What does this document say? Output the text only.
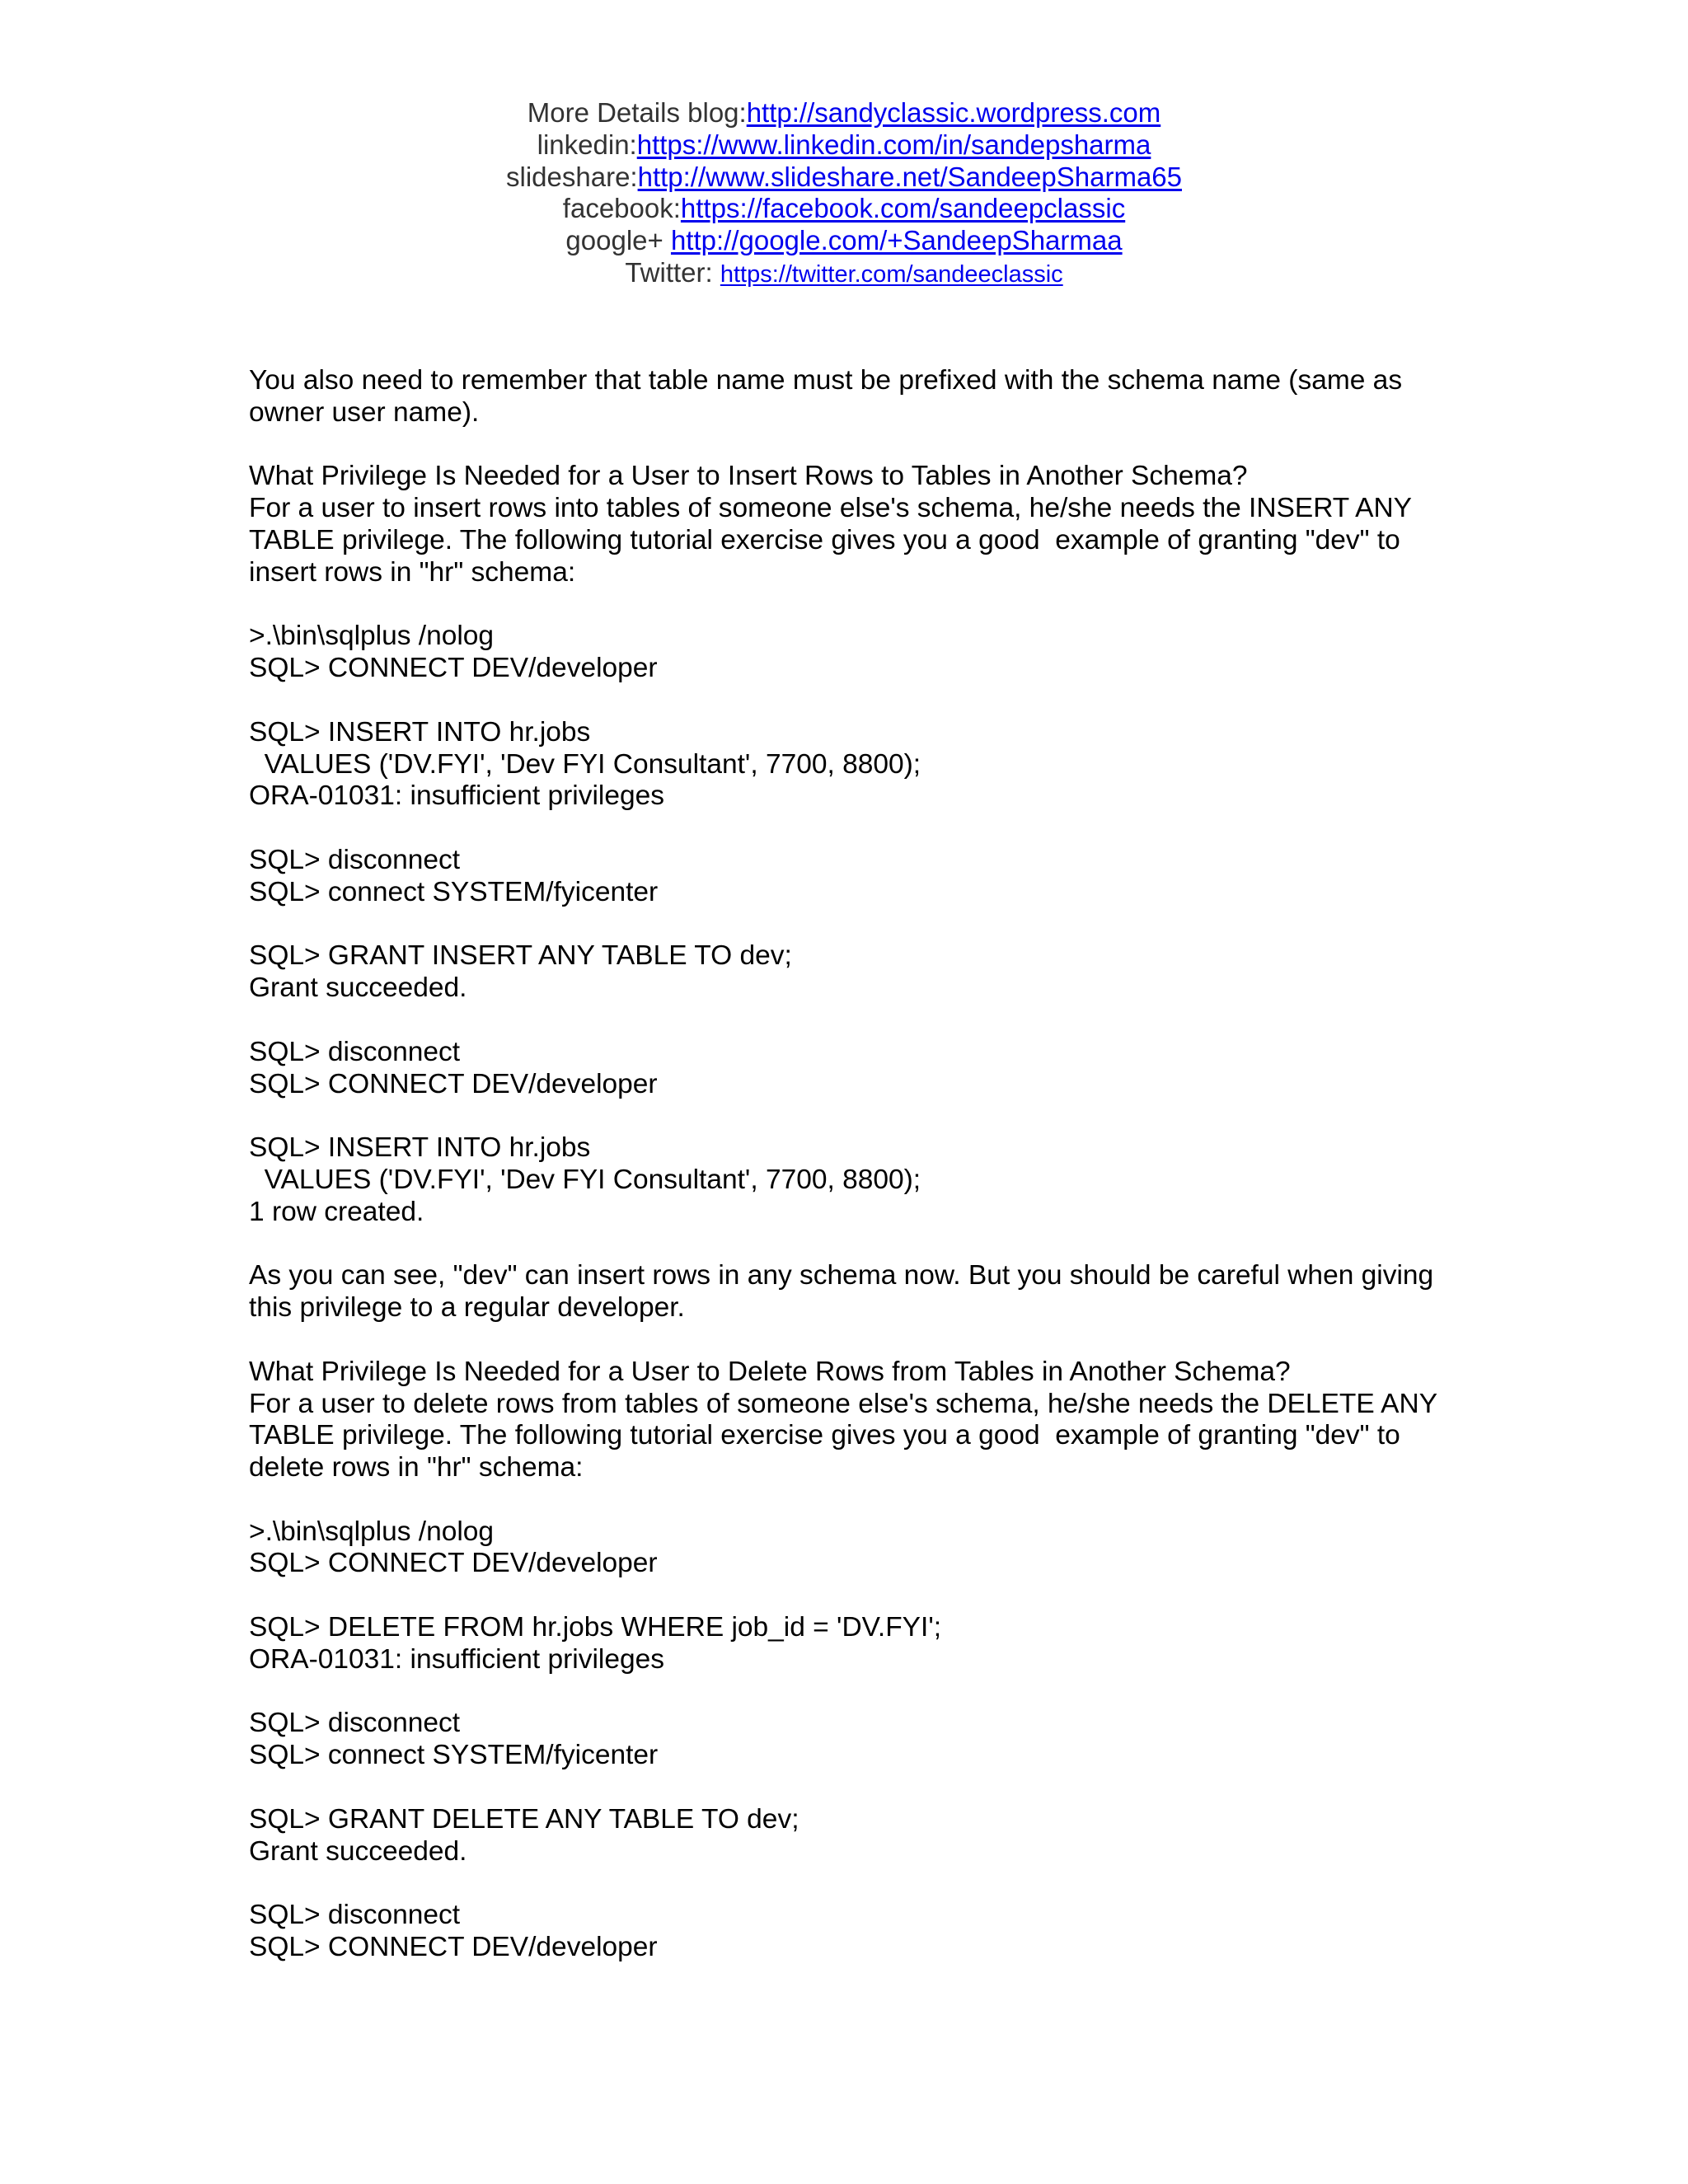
More Details blog:http://sandyclassic.wordpress.com
linkedin:https://www.linkedin.com/in/sandepsharma
slideshare:http://www.slideshare.net/SandeepSharma65
facebook:https://facebook.com/sandeepclassic
google+ http://google.com/+SandeepSharmaa
Twitter: https://twitter.com/sandeeclassic
You also need to remember that table name must be prefixed with the schema name (same as
owner user name).
What Privilege Is Needed for a User to Insert Rows to Tables in Another Schema?
For a user to insert rows into tables of someone else's schema, he/she needs the INSERT ANY
TABLE privilege. The following tutorial exercise gives you a good  example of granting "dev" to
insert rows in "hr" schema:
>.\bin\sqlplus /nolog
SQL> CONNECT DEV/developer
SQL> INSERT INTO hr.jobs
VALUES ('DV.FYI', 'Dev FYI Consultant', 7700, 8800);
ORA-01031: insufficient privileges
SQL> disconnect
SQL> connect SYSTEM/fyicenter
SQL> GRANT INSERT ANY TABLE TO dev;
Grant succeeded.
SQL> disconnect
SQL> CONNECT DEV/developer
SQL> INSERT INTO hr.jobs
VALUES ('DV.FYI', 'Dev FYI Consultant', 7700, 8800);
1 row created.
As you can see, "dev" can insert rows in any schema now. But you should be careful when giving
this privilege to a regular developer.
What Privilege Is Needed for a User to Delete Rows from Tables in Another Schema?
For a user to delete rows from tables of someone else's schema, he/she needs the DELETE ANY
TABLE privilege. The following tutorial exercise gives you a good  example of granting "dev" to
delete rows in "hr" schema:
>.\bin\sqlplus /nolog
SQL> CONNECT DEV/developer
SQL> DELETE FROM hr.jobs WHERE job_id = 'DV.FYI';
ORA-01031: insufficient privileges
SQL> disconnect
SQL> connect SYSTEM/fyicenter
SQL> GRANT DELETE ANY TABLE TO dev;
Grant succeeded.
SQL> disconnect
SQL> CONNECT DEV/developer
